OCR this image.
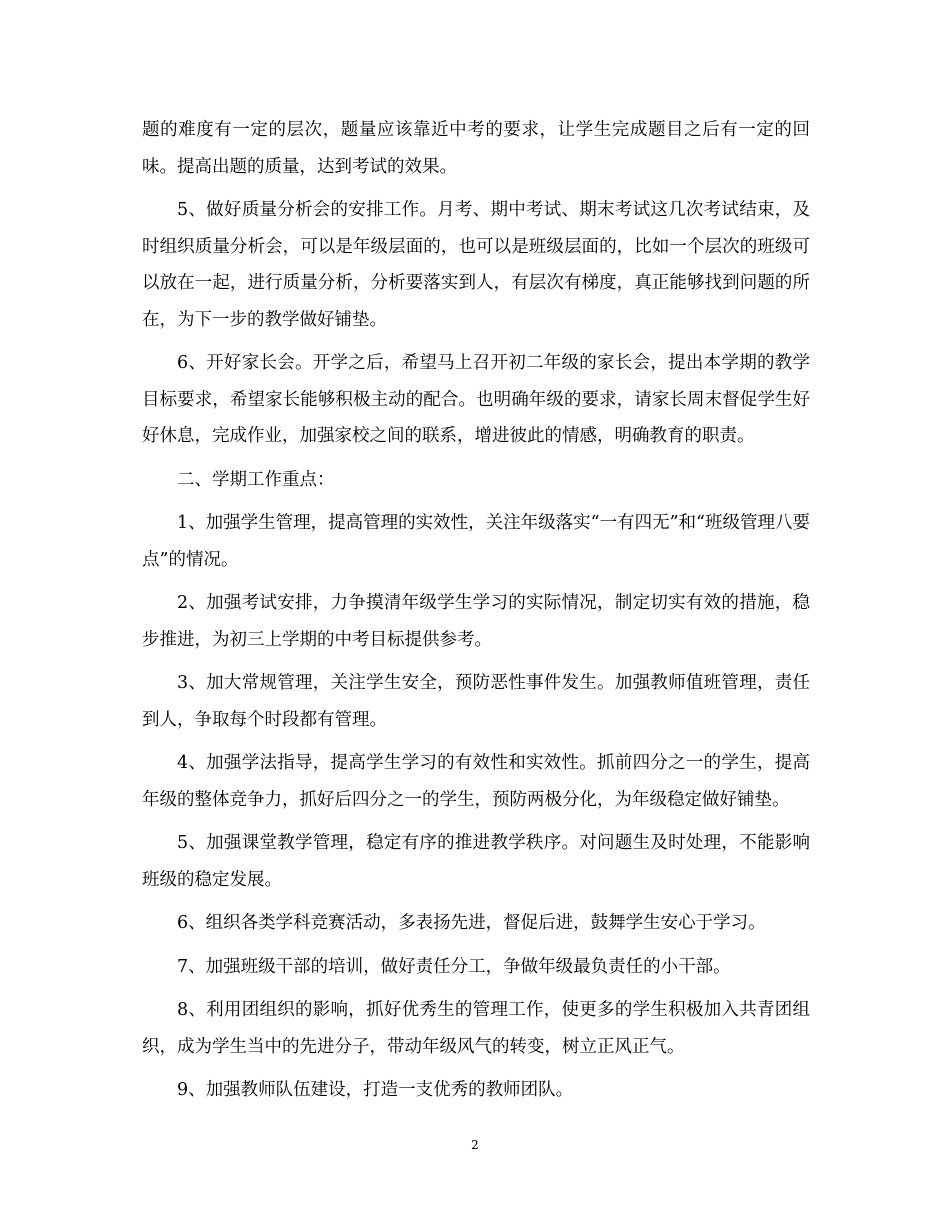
题的难度有一定的层次，题量应该靠近中考的要求，让学生完成题目之后有一定的回味。提高出题的质量，达到考试的效果。

5、做好质量分析会的安排工作。月考、期中考试、期末考试这几次考试结束，及时组织质量分析会，可以是年级层面的，也可以是班级层面的，比如一个层次的班级可以放在一起，进行质量分析，分析要落实到人，有层次有梯度，真正能够找到问题的所在，为下一步的教学做好铺垫。

6、开好家长会。开学之后，希望马上召开初二年级的家长会，提出本学期的教学目标要求，希望家长能够积极主动的配合。也明确年级的要求，请家长周末督促学生好好休息，完成作业，加强家校之间的联系，增进彼此的情感，明确教育的职责。

二、学期工作重点：

1、加强学生管理，提高管理的实效性，关注年级落实“一有四无”和“班级管理八要点”的情况。

2、加强考试安排，力争摸清年级学生学习的实际情况，制定切实有效的措施，稳步推进，为初三上学期的中考目标提供参考。

3、加大常规管理，关注学生安全，预防恶性事件发生。加强教师值班管理，责任到人，争取每个时段都有管理。

4、加强学法指导，提高学生学习的有效性和实效性。抓前四分之一的学生，提高年级的整体竞争力，抓好后四分之一的学生，预防两极分化，为年级稳定做好铺垫。

5、加强课堂教学管理，稳定有序的推进教学秩序。对问题生及时处理，不能影响班级的稳定发展。

6、组织各类学科竞赛活动，多表扬先进，督促后进，鼓舞学生安心于学习。

7、加强班级干部的培训，做好责任分工，争做年级最负责任的小干部。

8、利用团组织的影响，抓好优秀生的管理工作，使更多的学生积极加入共青团组织，成为学生当中的先进分子，带动年级风气的转变，树立正风正气。

9、加强教师队伍建设，打造一支优秀的教师团队。

2
